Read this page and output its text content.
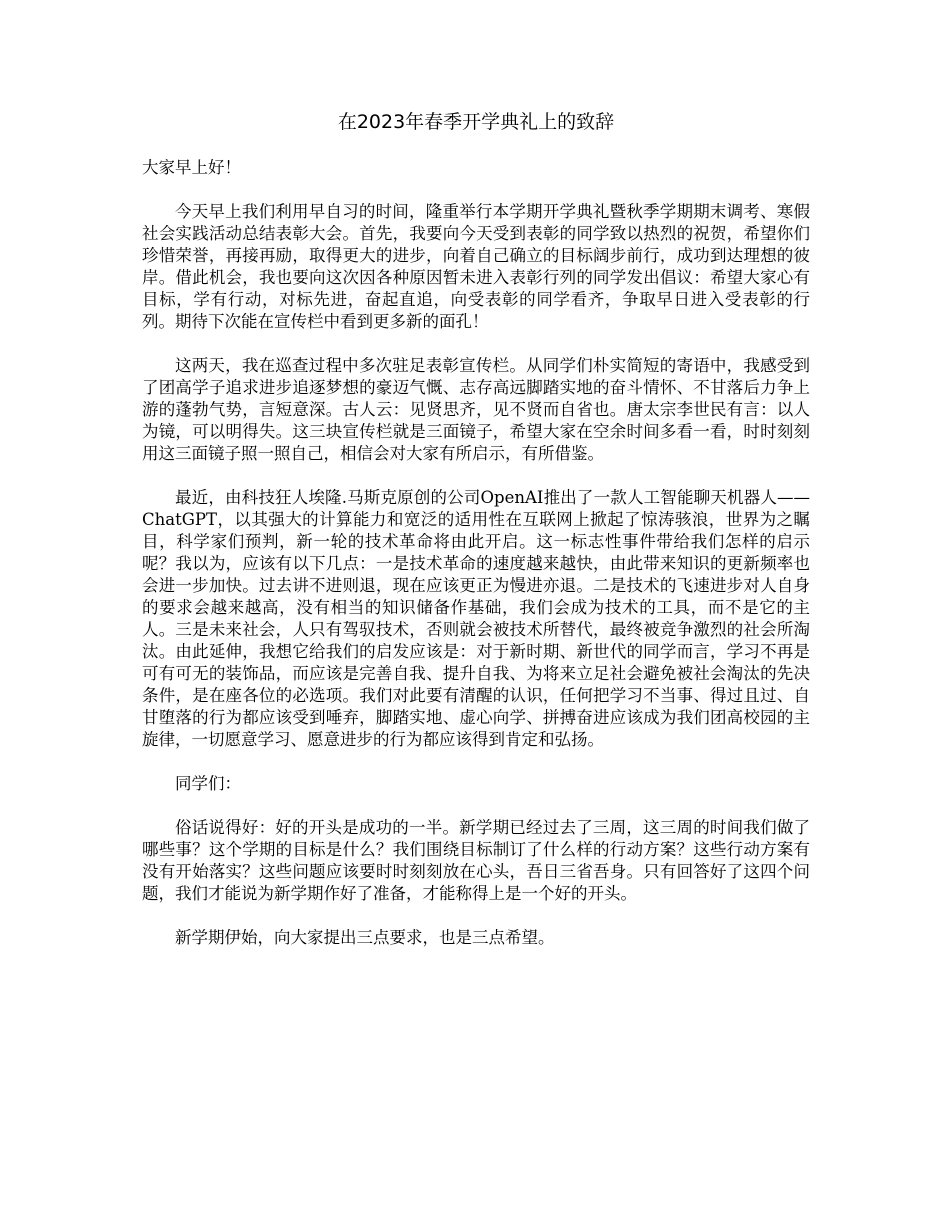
在2023年春季开学典礼上的致辞

大家早上好！

今天早上我们利用早自习的时间，隆重举行本学期开学典礼暨秋季学期期末调考、寒假社会实践活动总结表彰大会。首先，我要向今天受到表彰的同学致以热烈的祝贺，希望你们珍惜荣誉，再接再励，取得更大的进步，向着自己确立的目标阔步前行，成功到达理想的彼岸。借此机会，我也要向这次因各种原因暂未进入表彰行列的同学发出倡议：希望大家心有目标，学有行动，对标先进，奋起直追，向受表彰的同学看齐，争取早日进入受表彰的行列。期待下次能在宣传栏中看到更多新的面孔！

这两天，我在巡查过程中多次驻足表彰宣传栏。从同学们朴实简短的寄语中，我感受到了团高学子追求进步追逐梦想的豪迈气慨、志存高远脚踏实地的奋斗情怀、不甘落后力争上游的蓬勃气势，言短意深。古人云：见贤思齐，见不贤而自省也。唐太宗李世民有言：以人为镜，可以明得失。这三块宣传栏就是三面镜子，希望大家在空余时间多看一看，时时刻刻用这三面镜子照一照自己，相信会对大家有所启示，有所借鉴。

最近，由科技狂人埃隆.马斯克原创的公司OpenAI推出了一款人工智能聊天机器人——ChatGPT，以其强大的计算能力和宽泛的适用性在互联网上掀起了惊涛骇浪，世界为之瞩目，科学家们预判，新一轮的技术革命将由此开启。这一标志性事件带给我们怎样的启示呢？我以为，应该有以下几点：一是技术革命的速度越来越快，由此带来知识的更新频率也会进一步加快。过去讲不进则退，现在应该更正为慢进亦退。二是技术的飞速进步对人自身的要求会越来越高，没有相当的知识储备作基础，我们会成为技术的工具，而不是它的主人。三是未来社会，人只有驾驭技术，否则就会被技术所替代，最终被竞争激烈的社会所淘汰。由此延伸，我想它给我们的启发应该是：对于新时期、新世代的同学而言，学习不再是可有可无的装饰品，而应该是完善自我、提升自我、为将来立足社会避免被社会淘汰的先决条件，是在座各位的必选项。我们对此要有清醒的认识，任何把学习不当事、得过且过、自甘堕落的行为都应该受到唾弃，脚踏实地、虚心向学、拼搏奋进应该成为我们团高校园的主旋律，一切愿意学习、愿意进步的行为都应该得到肯定和弘扬。

同学们：

俗话说得好：好的开头是成功的一半。新学期已经过去了三周，这三周的时间我们做了哪些事？这个学期的目标是什么？我们围绕目标制订了什么样的行动方案？这些行动方案有没有开始落实？这些问题应该要时时刻刻放在心头，吾日三省吾身。只有回答好了这四个问题，我们才能说为新学期作好了准备，才能称得上是一个好的开头。

新学期伊始，向大家提出三点要求，也是三点希望。
